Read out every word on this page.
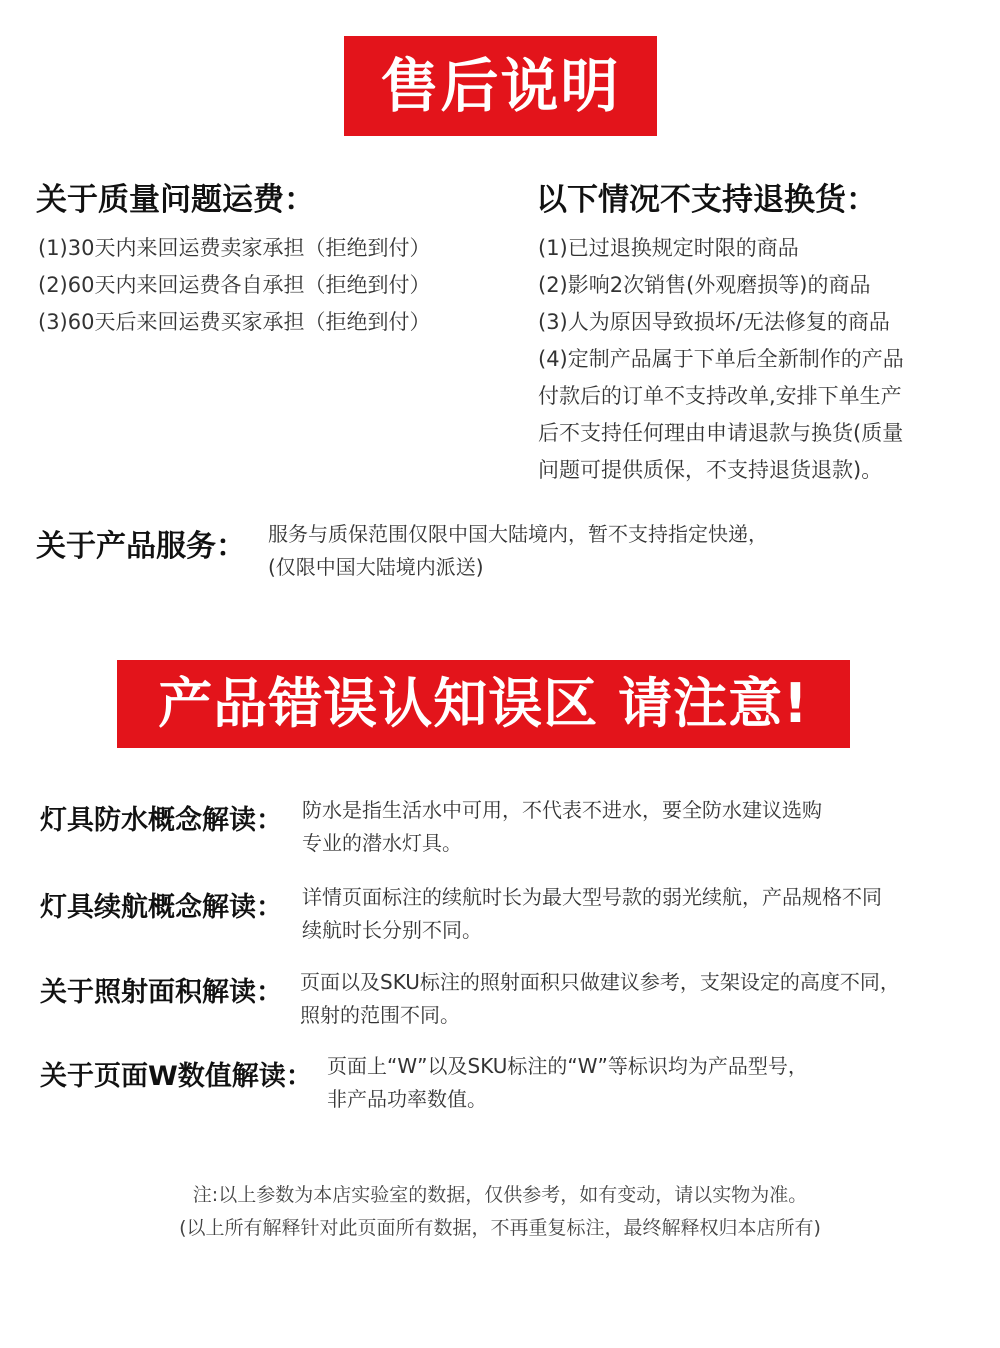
售后说明
关于质量问题运费：
(1)30天内来回运费卖家承担（拒绝到付）
(2)60天内来回运费各自承担（拒绝到付）
(3)60天后来回运费买家承担（拒绝到付）
以下情况不支持退换货：
(1)已过退换规定时限的商品
(2)影响2次销售(外观磨损等)的商品
(3)人为原因导致损坏/无法修复的商品
(4)定制产品属于下单后全新制作的产品
付款后的订单不支持改单,安排下单生产
后不支持任何理由申请退款与换货(质量
问题可提供质保，不支持退货退款)。
关于产品服务： 服务与质保范围仅限中国大陆境内，暂不支持指定快递，
(仅限中国大陆境内派送)
产品错误认知误区 请注意!
灯具防水概念解读： 防水是指生活水中可用，不代表不进水，要全防水建议选购
专业的潜水灯具。
灯具续航概念解读： 详情页面标注的续航时长为最大型号款的弱光续航，产品规格不同
续航时长分别不同。
关于照射面积解读： 页面以及SKU标注的照射面积只做建议参考，支架设定的高度不同，
照射的范围不同。
关于页面W数值解读： 页面上“W”以及SKU标注的“W”等标识均为产品型号，
非产品功率数值。
注:以上参数为本店实验室的数据，仅供参考，如有变动，请以实物为准。
(以上所有解释针对此页面所有数据，不再重复标注，最终解释权归本店所有)
